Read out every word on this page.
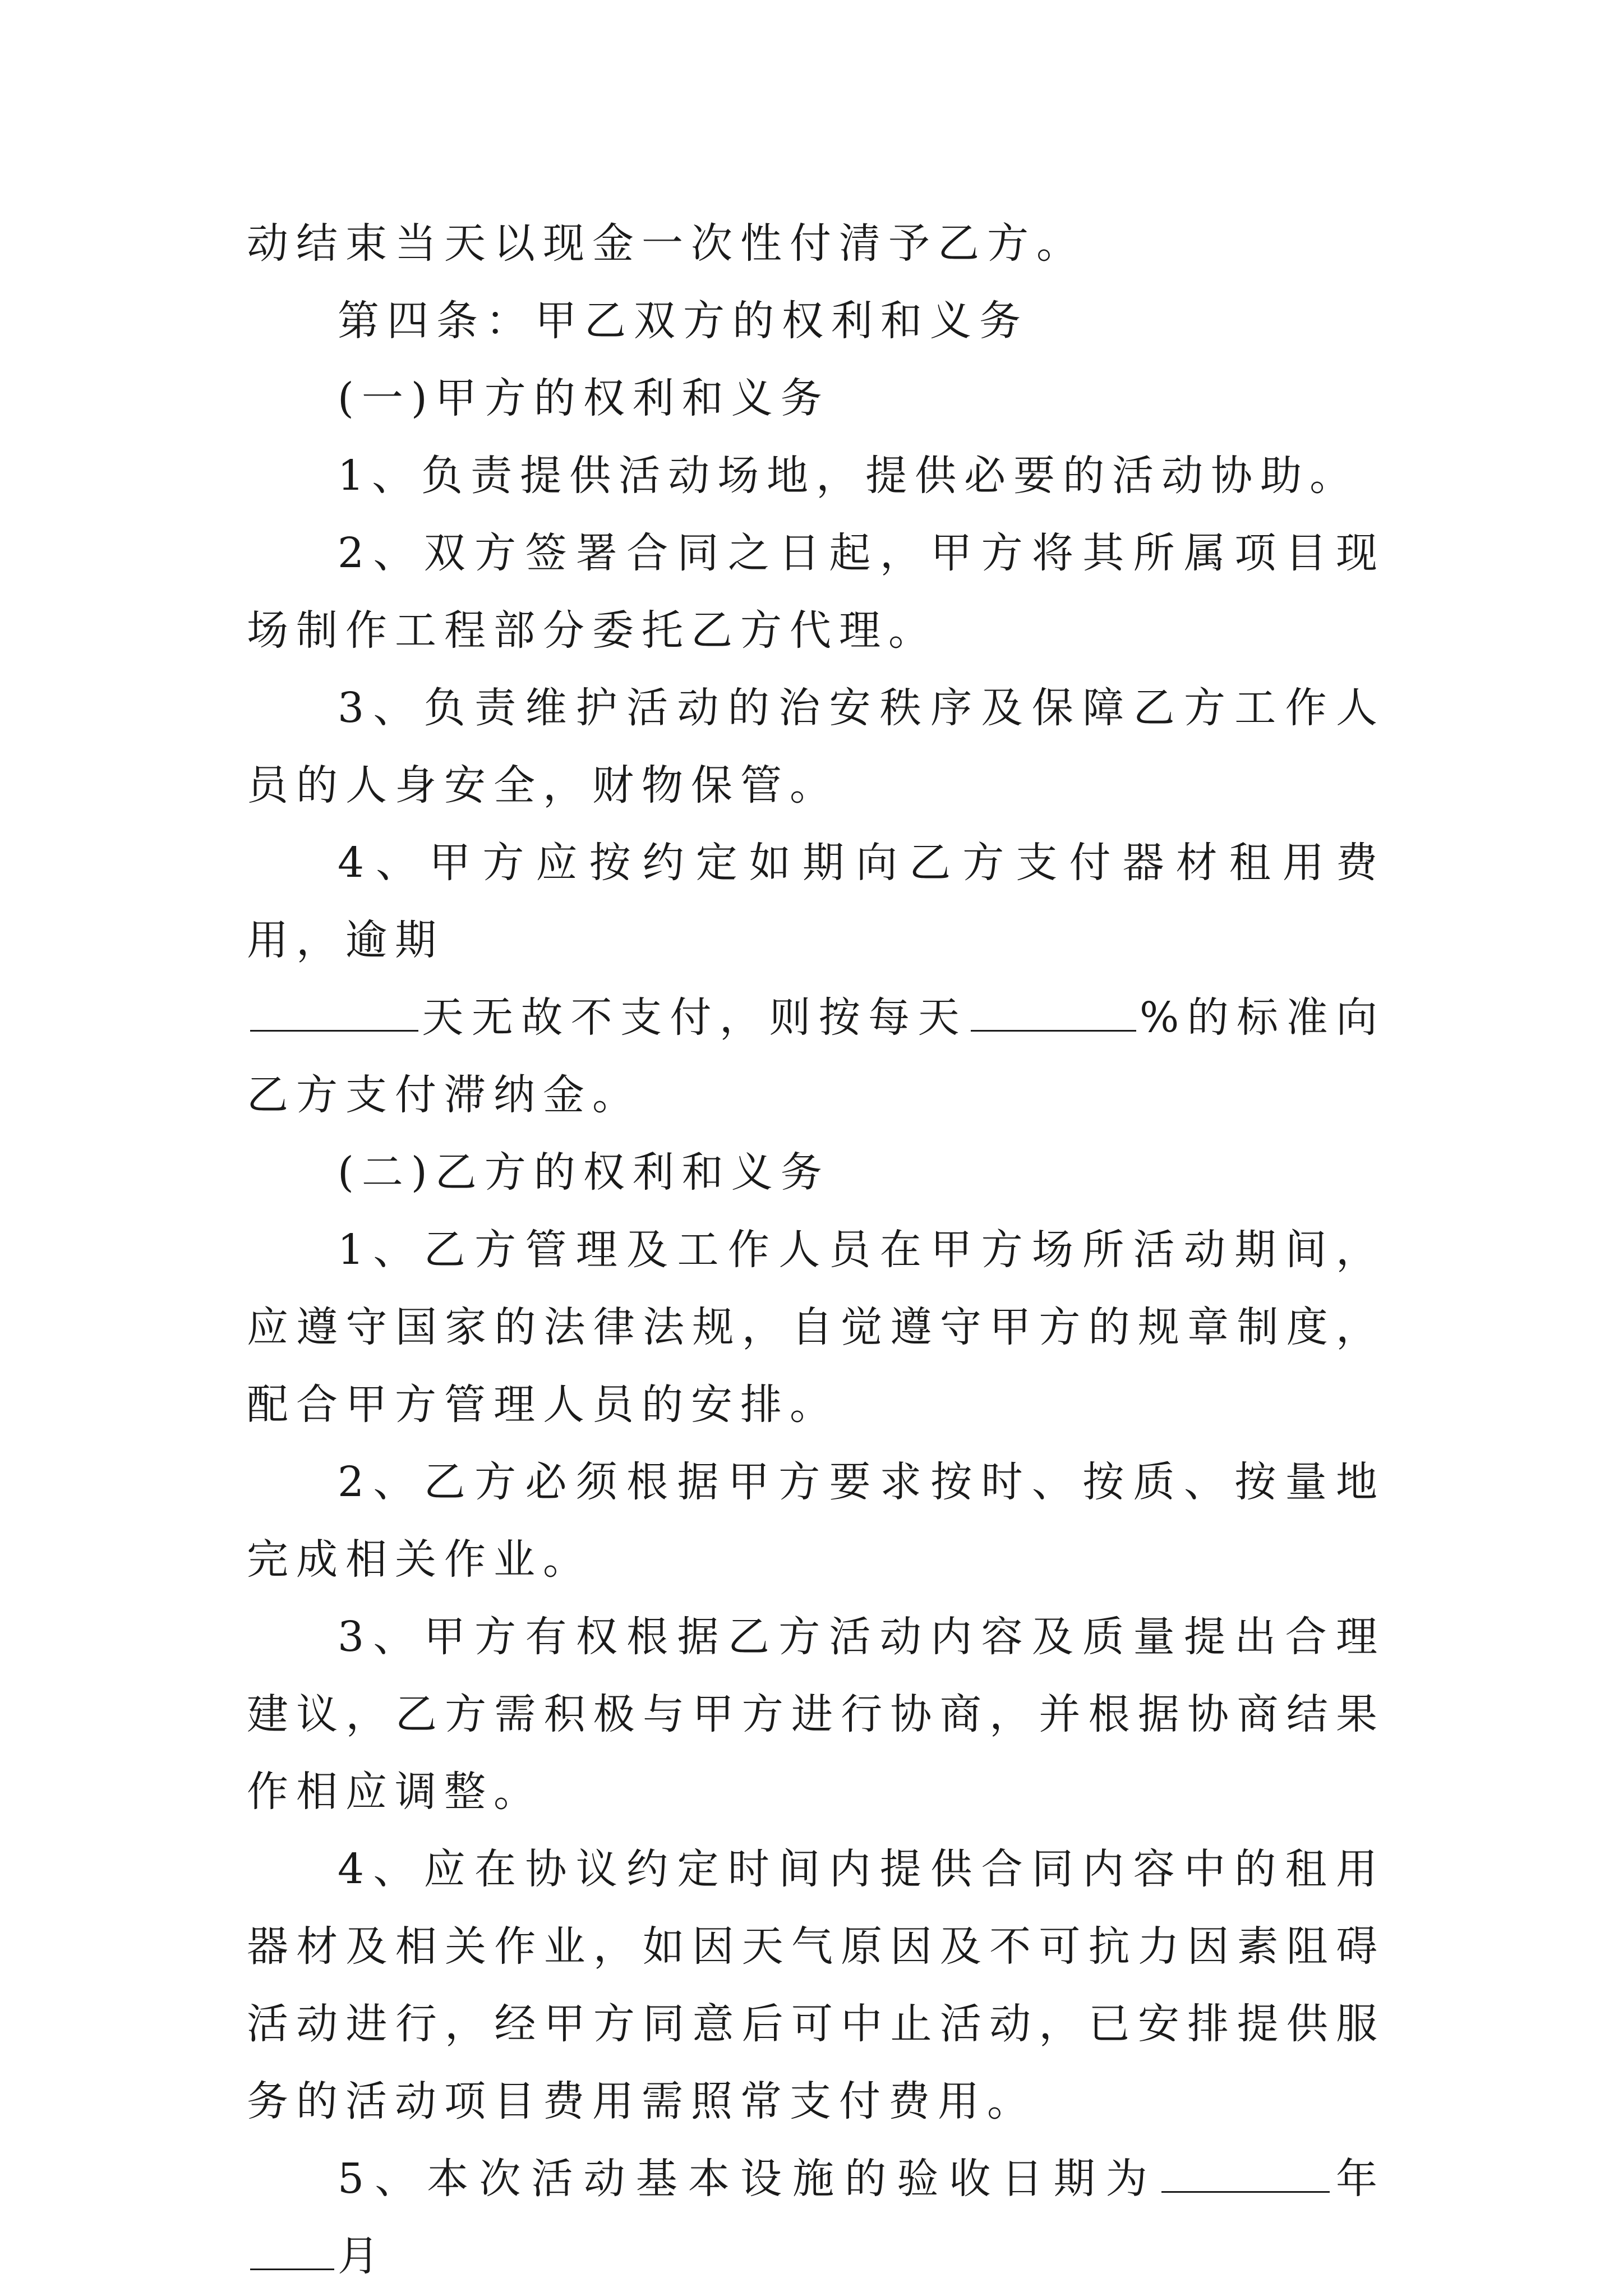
动结束当天以现金一次性付清予乙方。

第四条：甲乙双方的权利和义务

(一)甲方的权利和义务

1、负责提供活动场地，提供必要的活动协助。

2、双方签署合同之日起，甲方将其所属项目现场制作工程部分委托乙方代理。

3、负责维护活动的治安秩序及保障乙方工作人员的人身安全，财物保管。

4、甲方应按约定如期向乙方支付器材租用费用，逾期
天无故不支付，则按每天	%的标准向乙方支付滞纳金。

(二)乙方的权利和义务

1、乙方管理及工作人员在甲方场所活动期间，应遵守国家的法律法规，自觉遵守甲方的规章制度，配合甲方管理人员的安排。

2、乙方必须根据甲方要求按时、按质、按量地完成相关作业。

3、甲方有权根据乙方活动内容及质量提出合理建议，乙方需积极与甲方进行协商，并根据协商结果作相应调整。

4、应在协议约定时间内提供合同内容中的租用器材及相关作业，如因天气原因及不可抗力因素阻碍活动进行，经甲方同意后可中止活动，已安排提供服务的活动项目费用需照常支付费用。

5、本次活动基本设施的验收日期为	年月
